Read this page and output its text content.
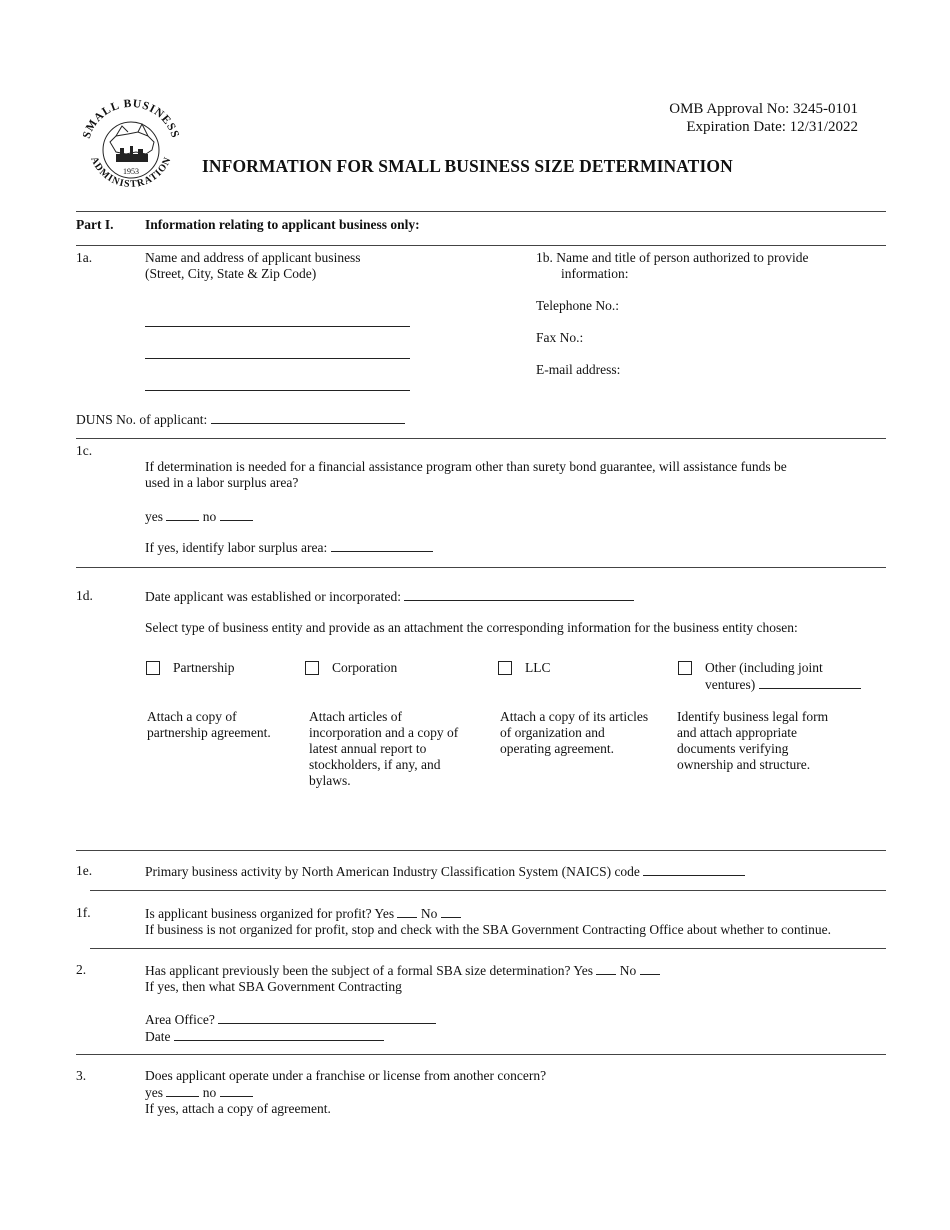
SMALL BUSINESS
ADMINISTRATION
1953
OMB Approval No: 3245-0101
Expiration Date: 12/31/2022
INFORMATION FOR SMALL BUSINESS SIZE DETERMINATION
Part I. Information relating to applicant business only:
1a.	Name and address of applicant business
(Street, City, State & Zip Code)
DUNS No. of applicant:
1b. Name and title of person authorized to provide
information:
Telephone No.:
Fax No.:
E-mail address:
1c.
If determination is needed for a financial assistance program other than surety bond guarantee, will assistance funds be
used in a labor surplus area?
yes	no
If yes, identify labor surplus area:
1d.	Date applicant was established or incorporated:
Select type of business entity and provide as an attachment the corresponding information for the business entity chosen:
Partnership	Corporation	LLC	Other (including joint
ventures)
Attach a copy of
partnership agreement.
Attach articles of
incorporation and a copy of
latest annual report to
stockholders, if any, and
bylaws.
Attach a copy of its articles
of organization and
operating agreement.
Identify business legal form
and attach appropriate
documents verifying
ownership and structure.
1e.	Primary business activity by North American Industry Classification System (NAICS) code
1f.	Is applicant business organized for profit? Yes No
If business is not organized for profit, stop and check with the SBA Government Contracting Office about whether to continue.
2.	Has applicant previously been the subject of a formal SBA size determination? Yes No
If yes, then what SBA Government Contracting
Area Office?
Date
3.	Does applicant operate under a franchise or license from another concern?
yes	no
If yes, attach a copy of agreement.
